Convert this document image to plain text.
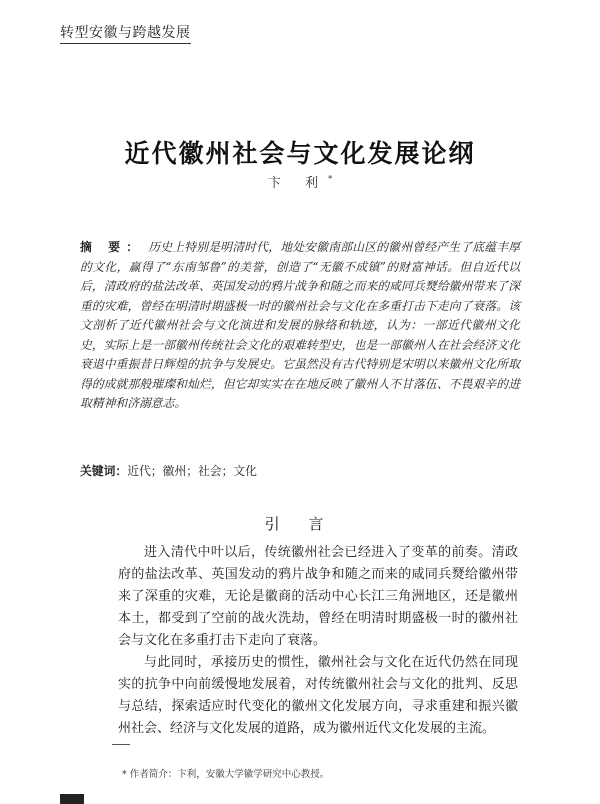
转型安徽与跨越发展
近代徽州社会与文化发展论纲
卞 利*
摘 要： 历史上特别是明清时代，地处安徽南部山区的徽州曾经产生了底蕴丰厚的文化，赢得了“东南邹鲁”的美誉，创造了“无徽不成镇”的财富神话。但自近代以后，清政府的盐法改革、英国发动的鸦片战争和随之而来的咸同兵燹给徽州带来了深重的灾难，曾经在明清时期盛极一时的徽州社会与文化在多重打击下走向了衰落。该文剖析了近代徽州社会与文化演进和发展的脉络和轨迹，认为：一部近代徽州文化史，实际上是一部徽州传统社会文化的艰难转型史，也是一部徽州人在社会经济文化衰退中重振昔日辉煌的抗争与发展史。它虽然没有古代特别是宋明以来徽州文化所取得的成就那般璀璨和灿烂，但它却实实在在地反映了徽州人不甘落伍、不畏艰辛的进取精神和济溺意志。
关键词：近代；徽州；社会；文化
引 言

进入清代中叶以后，传统徽州社会已经进入了变革的前奏。清政府的盐法改革、英国发动的鸦片战争和随之而来的咸同兵燹给徽州带来了深重的灾难，无论是徽商的活动中心长江三角洲地区，还是徽州本土，都受到了空前的战火洗劫，曾经在明清时期盛极一时的徽州社会与文化在多重打击下走向了衰落。

与此同时，承接历史的惯性，徽州社会与文化在近代仍然在同现实的抗争中向前缓慢地发展着，对传统徽州社会与文化的批判、反思与总结，探索适应时代变化的徽州文化发展方向，寻求重建和振兴徽州社会、经济与文化发展的道路，成为徽州近代文化发展的主流。

* 作者简介：卞利，安徽大学徽学研究中心教授。
